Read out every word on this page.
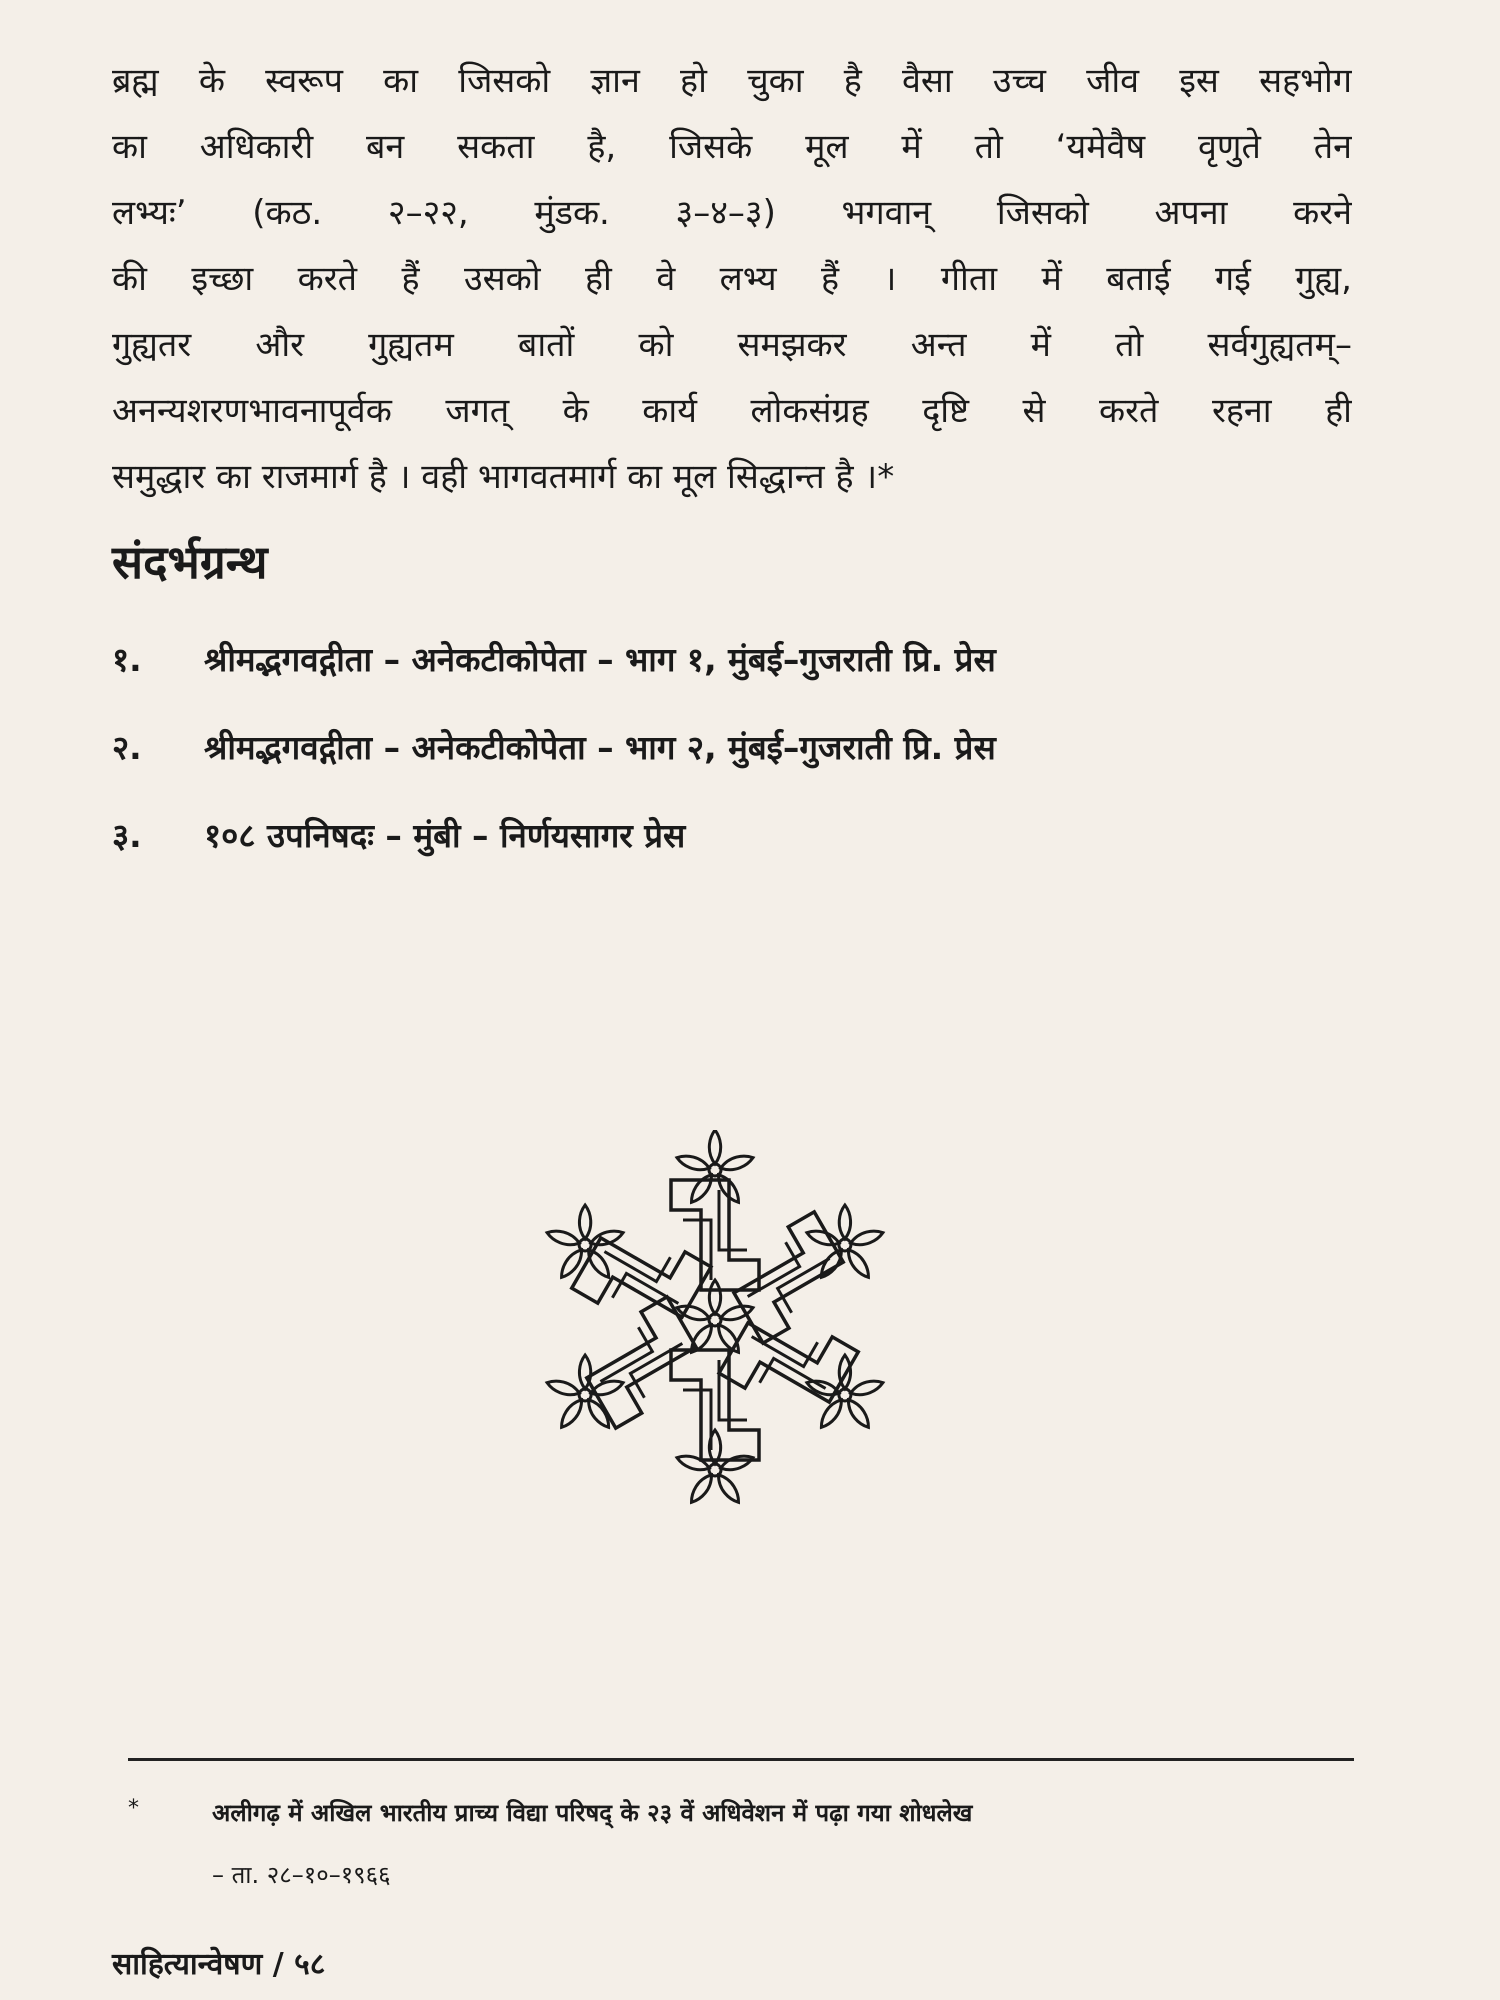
ब्रह्म के स्वरूप का जिसको ज्ञान हो चुका है वैसा उच्च जीव इस सहभोग
का अधिकारी बन सकता है, जिसके मूल में तो ‘यमेवैष वृणुते तेन
लभ्यः’ (कठ. २–२२, मुंडक. ३–४–३) भगवान् जिसको अपना करने
की इच्छा करते हैं उसको ही वे लभ्य हैं । गीता में बताई गई गुह्य,
गुह्यतर और गुह्यतम बातों को समझकर अन्त में तो सर्वगुह्यतम्–
अनन्यशरणभावनापूर्वक जगत् के कार्य लोकसंग्रह दृष्टि से करते रहना ही
समुद्धार का राजमार्ग है । वही भागवतमार्ग का मूल सिद्धान्त है ।*
संदर्भग्रन्थ
१. श्रीमद्भगवद्गीता – अनेकटीकोपेता – भाग १, मुंबई–गुजराती प्रि. प्रेस
२. श्रीमद्भगवद्गीता – अनेकटीकोपेता – भाग २, मुंबई–गुजराती प्रि. प्रेस
३. १०८ उपनिषदः – मुंबी – निर्णयसागर प्रेस
*	अलीगढ़ में अखिल भारतीय प्राच्य विद्या परिषद् के २३ वें अधिवेशन में पढ़ा गया शोधलेख
– ता. २८–१०–१९६६
साहित्यान्वेषण / ५८
